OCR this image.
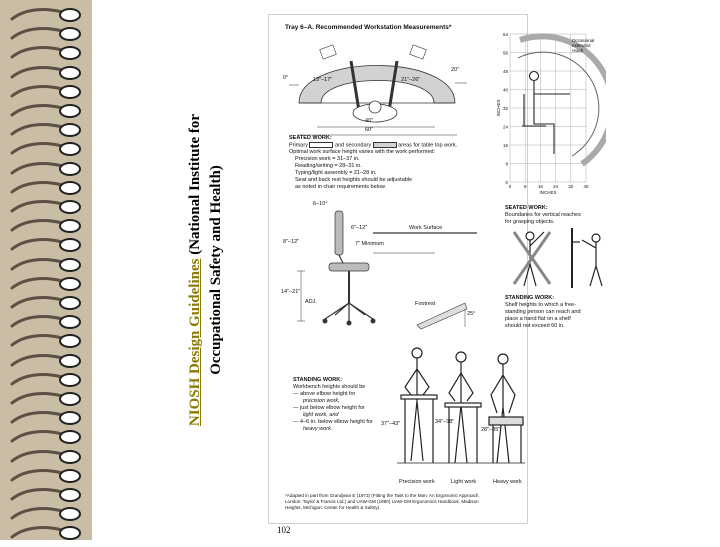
NIOSH Design Guidelines (National Institute for Occupational Safety and Health)
Tray 6–A. Recommended Workstation Measurements*
0°	13"–17"	21"–26"
20"
40"
60"
SEATED WORK:
Primary	and secondary	areas for table top work.
Optimal work surface height varies with the work performed:
Precision work = 31–37 in.
Reading/writing = 28–31 in.
Typing/light assembly = 21–28 in.
Seat and back rest heights should be adjustable
as noted in chair requirements below.
6–10°
6"–12"
8"–12"	7" Minimum
Work Surface
14"–21"
ADJ.	Footrest
25°
SEATED WORK:
Boundaries for vertical reaches
for grasping objects.
STANDING WORK:
Shelf heights to which a free-
standing person can reach and
place a hand flat on a shelf
should not exceed 60 in.
STANDING WORK:
Workbench heights should be
— above elbow height for
precision work,
— just below elbow height for
light work, and
— 4–6 in. below elbow height for
heavy work.
37"–43"	34"–38"
28"–35"
Precision work	Light work	Heavy work
*Adapted in part from Grandjean E (1973) (Fitting the Task to the Man: An Ergonomic Approach.
London: Taylor & Francis Ltd.) and UAW-GM (1990) UAW-GM Ergonomics Handbook. Madison
Heights, Michigan: Center for Health & Safety).
64
56
48
40
32
24
16
8
0
0	8	16 24 32 40
INCHES
INCHES
Occasional extended reach
102
